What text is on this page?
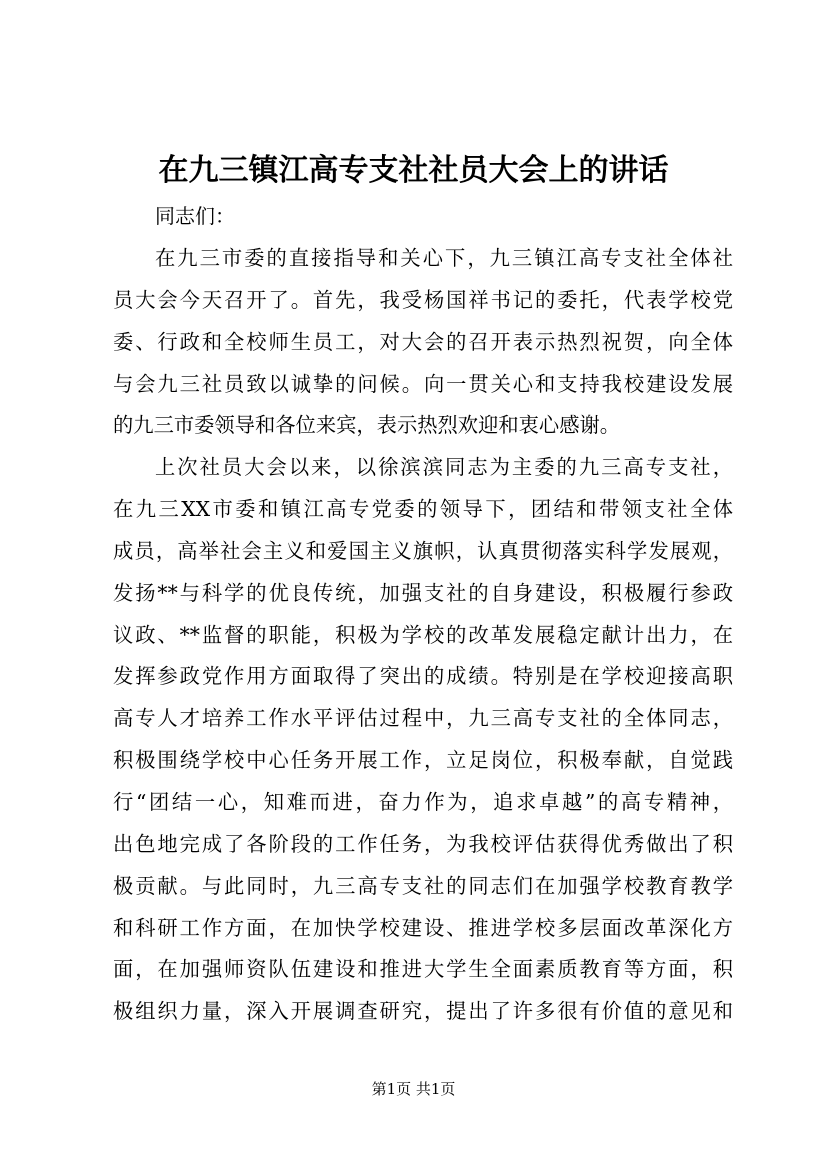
在九三镇江高专支社社员大会上的讲话
同志们：
在九三市委的直接指导和关心下，九三镇江高专支社全体社
员大会今天召开了。首先，我受杨国祥书记的委托，代表学校党
委、行政和全校师生员工，对大会的召开表示热烈祝贺，向全体
与会九三社员致以诚挚的问候。向一贯关心和支持我校建设发展
的九三市委领导和各位来宾，表示热烈欢迎和衷心感谢。
上次社员大会以来，以徐滨滨同志为主委的九三高专支社，
在九三XX市委和镇江高专党委的领导下，团结和带领支社全体
成员，高举社会主义和爱国主义旗帜，认真贯彻落实科学发展观，
发扬**与科学的优良传统，加强支社的自身建设，积极履行参政
议政、**监督的职能，积极为学校的改革发展稳定献计出力，在
发挥参政党作用方面取得了突出的成绩。特别是在学校迎接高职
高专人才培养工作水平评估过程中，九三高专支社的全体同志，
积极围绕学校中心任务开展工作，立足岗位，积极奉献，自觉践
行“团结一心，知难而进，奋力作为，追求卓越”的高专精神，
出色地完成了各阶段的工作任务，为我校评估获得优秀做出了积
极贡献。与此同时，九三高专支社的同志们在加强学校教育教学
和科研工作方面，在加快学校建设、推进学校多层面改革深化方
面，在加强师资队伍建设和推进大学生全面素质教育等方面，积
极组织力量，深入开展调查研究，提出了许多很有价值的意见和
第1页 共1页
